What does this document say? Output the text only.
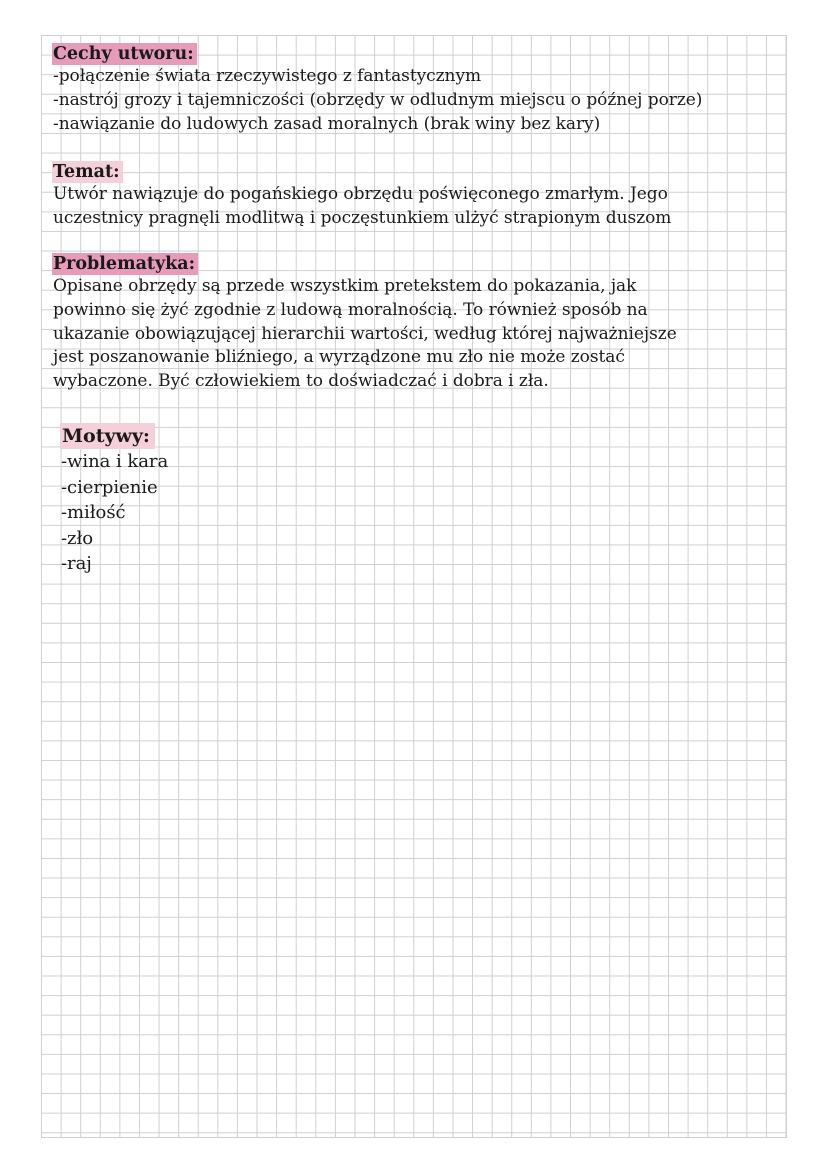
Cechy utworu:
-połączenie świata rzeczywistego z fantastycznym
-nastrój grozy i tajemniczości (obrzędy w odludnym miejscu o późnej porze)
-nawiązanie do ludowych zasad moralnych (brak winy bez kary)
Temat:
Utwór nawiązuje do pogańskiego obrzędu poświęconego zmarłym. Jego
uczestnicy pragnęli modlitwą i poczęstunkiem ulżyć strapionym duszom
Problematyka:
Opisane obrzędy są przede wszystkim pretekstem do pokazania, jak
powinno się żyć zgodnie z ludową moralnością. To również sposób na
ukazanie obowiązującej hierarchii wartości, według której najważniejsze
jest poszanowanie bliźniego, a wyrządzone mu zło nie może zostać
wybaczone. Być człowiekiem to doświadczać i dobra i zła.
Motywy:
-wina i kara
-cierpienie
-miłość
-zło
-raj
